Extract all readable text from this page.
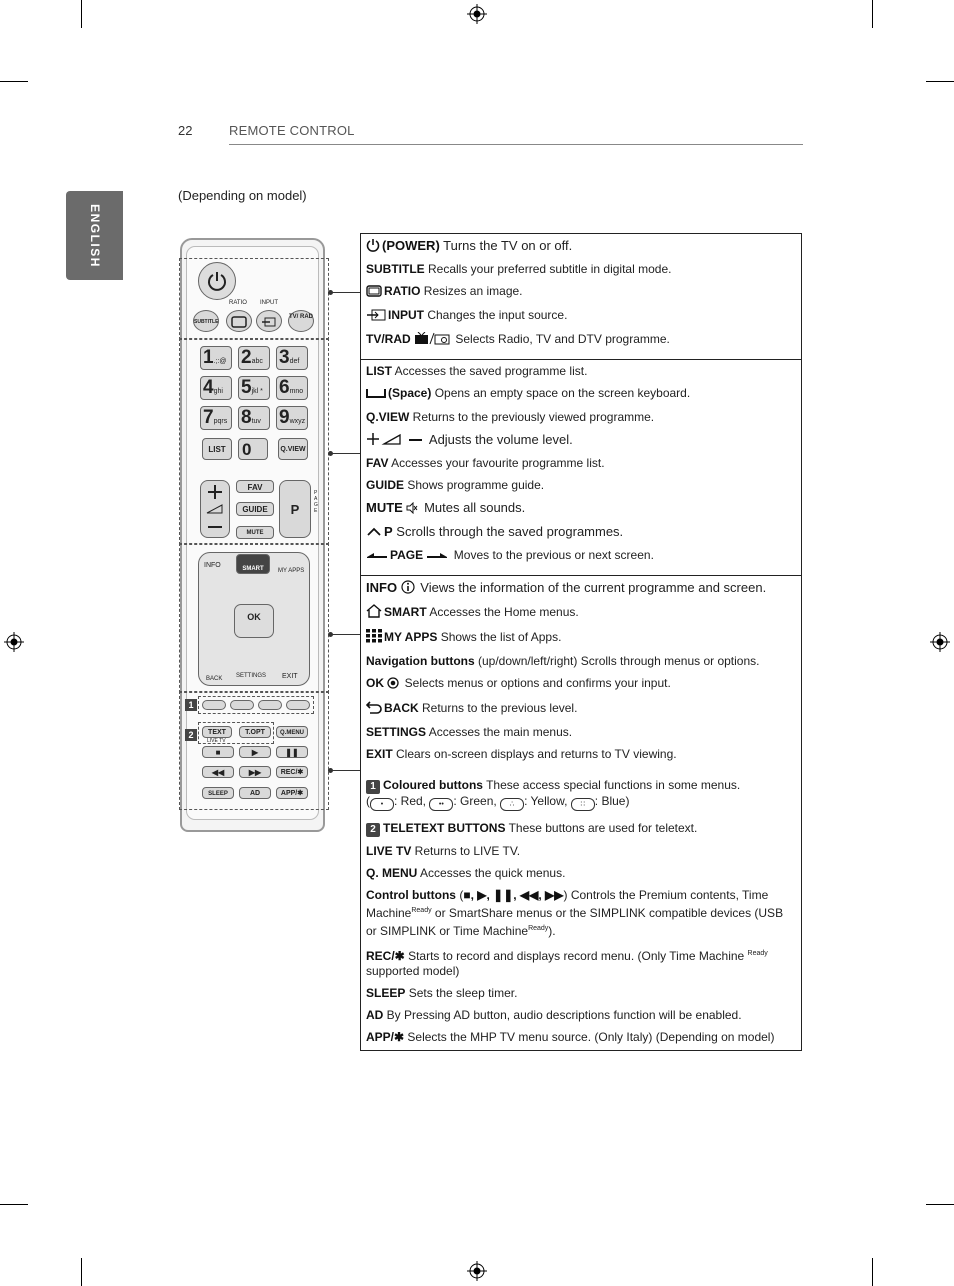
22	REMOTE CONTROL
ENGLISH
(Depending on model)
RATIO INPUT
SUBTITLE
TV/ RAD
1.;:@ 2abc 3def
4ghi 5jkl * 6mno
7pqrs 8tuv 9wxyz
LIST 0	Q.VIEW
FAV
GUIDE
MUTE
P
PAGE
INFO	SMART	MY APPS
OK
BACK SETTINGS EXIT
TEXT
LIVE TV
T.OPT	Q.MENU
■	▶	❚❚
◀◀	▶▶	REC/✱
SLEEP	AD	APP/✱
1
2
(POWER) Turns the TV on or off.
SUBTITLE Recalls your preferred subtitle in digital mode.
RATIO Resizes an image.
INPUT Changes the input source.
TV/RAD	Selects Radio, TV and DTV programme.
LIST Accesses the saved programme list.
(Space) Opens an empty space on the screen keyboard.
Q.VIEW Returns to the previously viewed programme.
Adjusts the volume level.
FAV Accesses your favourite programme list.
GUIDE Shows programme guide.
MUTE  Mutes all sounds.
P Scrolls through the saved programmes.
PAGE  Moves to the previous or next screen.
INFO  Views the information of the current programme and screen.
SMART Accesses the Home menus.
MY APPS Shows the list of Apps.
Navigation buttons (up/down/left/right) Scrolls through menus or options.
OK  Selects menus or options and confirms your input.
BACK Returns to the previous level.
SETTINGS Accesses the main menus.
EXIT Clears on-screen displays and returns to TV viewing.
1 Coloured buttons These access special functions in some menus.
( • : Red, •• : Green, ∴ : Yellow, ∷ : Blue)
2 TELETEXT BUTTONS These buttons are used for teletext.
LIVE TV Returns to LIVE TV.
Q. MENU Accesses the quick menus.
Control buttons (■, ▶, ❚❚, ◀◀, ▶▶) Controls the Premium contents, Time Machine$^{Ready}$ or SmartShare menus or the SIMPLINK compatible devices (USB or SIMPLINK or Time Machine$^{Ready}$).
REC/✱ Starts to record and displays record menu. (Only Time Machine $^{Ready}$ supported model)
SLEEP Sets the sleep timer.
AD By Pressing AD button, audio descriptions function will be enabled.
APP/✱ Selects the MHP TV menu source. (Only Italy) (Depending on model)
